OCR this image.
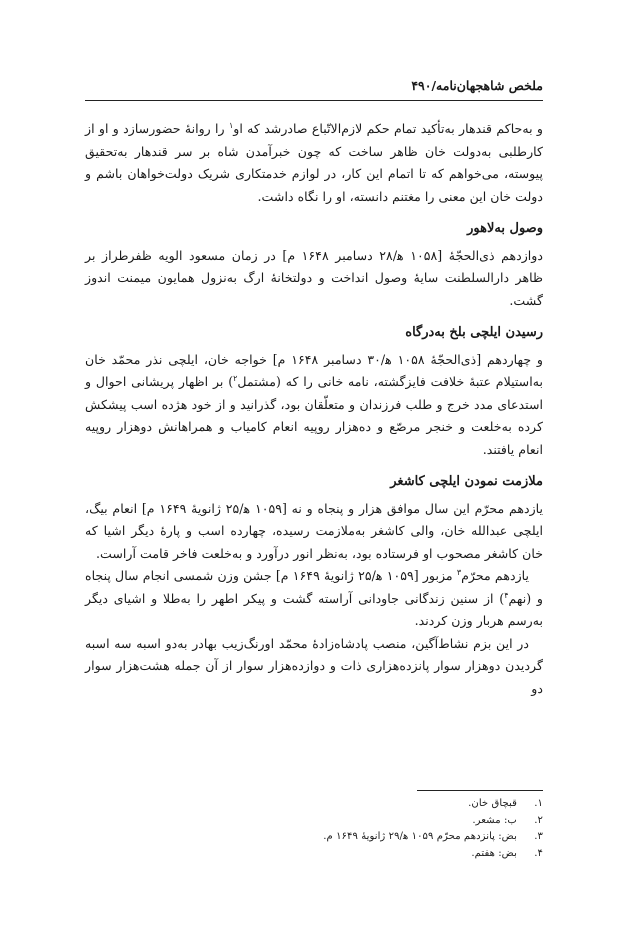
ملخص شاهجهان‌نامه/۴۹۰

و به‌حاکم قندهار به‌تأکید تمام حکم لازم‌الاتّباع صادرشد که او$^۱$ را روانهٔ حضورسازد و او از کارطلبی به‌دولت خان ظاهر ساخت که چون خبرآمدن شاه بر سر قندهار به‌تحقیق پیوسته، می‌خواهم که تا اتمام این کار، در لوازم خدمتکاری شریک دولت‌خواهان باشم و دولت خان این معنی را مغتنم دانسته، او را نگاه داشت.

وصول به‌لاهور

دوازدهم ذی‌الحجّهٔ [۱۰۵۸ ه‍/۲۸ دسامبر ۱۶۴۸ م] در زمان مسعود الویه ظفرطراز بر ظاهر دارالسلطنت سایهٔ وصول انداخت و دولتخانهٔ ارگ به‌نزول همایون میمنت اندوز گشت.

رسیدن ایلچی بلخ به‌درگاه

و چهاردهم [ذی‌الحجّهٔ ۱۰۵۸ ه‍/۳۰ دسامبر ۱۶۴۸ م] خواجه خان، ایلچی نذر محمّد خان به‌استیلام عتبهٔ خلافت فایزگشته، نامه خانی را که (مشتمل$^۲$) بر اظهار پریشانی احوال و استدعای مدد خرج و طلب فرزندان و متعلّقان بود، گذرانید و از خود هژده اسب پیشکش کرده به‌خلعت و خنجر مرصّع و ده‌هزار روپیه انعام کامیاب و همراهانش دوهزار روپیه انعام یافتند.

ملازمت نمودن ایلچی کاشغر

یازدهم محرّم این سال موافق هزار و پنجاه و نه [۱۰۵۹ ه‍/۲۵ ژانویهٔ ۱۶۴۹ م] انعام بیگ، ایلچی عبدالله خان، والی کاشغر به‌ملازمت رسیده، چهارده اسب و پارهٔ دیگر اشیا که خان کاشغر مصحوب او فرستاده بود، به‌نظر انور درآورد و به‌خلعت فاخر قامت آراست.

یازدهم محرّم$^۳$ مزبور [۱۰۵۹ ه‍/۲۵ ژانویهٔ ۱۶۴۹ م] جشن وزن شمسی انجام سال پنجاه و (نهم$^۴$) از سنین زندگانی جاودانی آراسته گشت و پیکر اطهر را به‌طلا و اشیای دیگر به‌رسم هربار وزن کردند.

در این بزم نشاط‌آگین، منصب پادشاه‌زادهٔ محمّد اورنگ‌زیب بهادر به‌دو اسبه سه اسبه گردیدن دوهزار سوار پانزده‌هزاری ذات و دوازده‌هزار سوار از آن جمله هشت‌هزار سوار دو

۱.
قبچاق خان.
۲.
ب: مشعر.
۳.
بض: پانزدهم محرّم ۱۰۵۹ ه‍/۲۹ ژانویهٔ ۱۶۴۹ م.
۴.
بض: هفتم.
